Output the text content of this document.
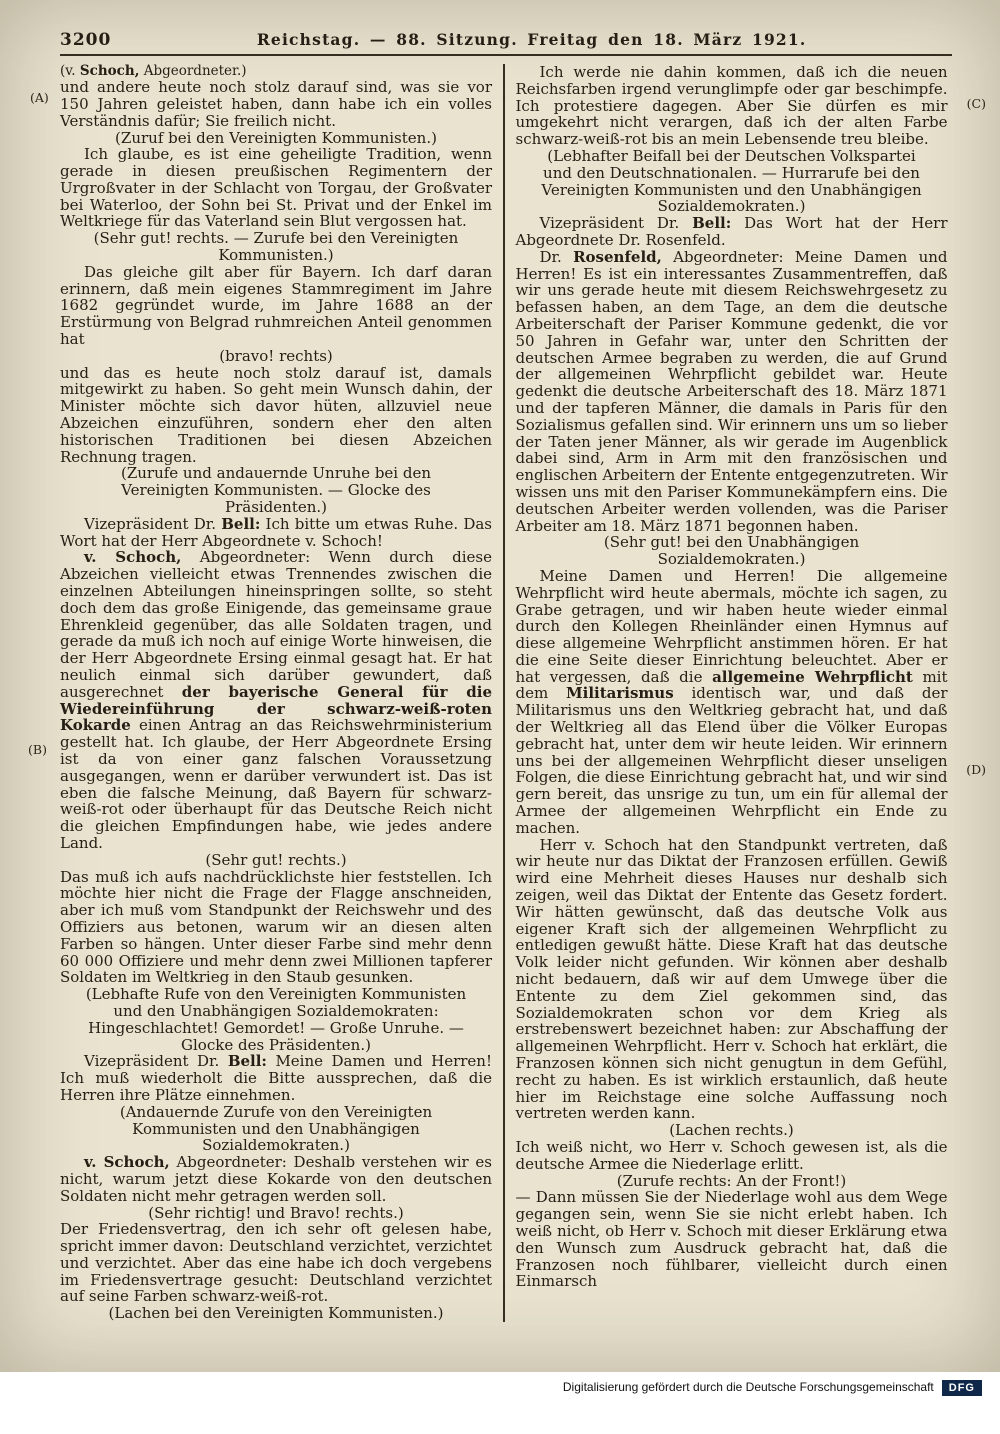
(A)
(B)
(C)
(D)
3200	Reichstag. — 88. Sitzung. Freitag den 18. März 1921.

(v. Schoch, Abgeordneter.)

und andere heute noch stolz darauf sind, was sie vor 150 Jahren geleistet haben, dann habe ich ein volles Verständnis dafür; Sie freilich nicht.

(Zuruf bei den Vereinigten Kommunisten.)

Ich glaube, es ist eine geheiligte Tradition, wenn gerade in diesen preußischen Regimentern der Urgroßvater in der Schlacht von Torgau, der Großvater bei Waterloo, der Sohn bei St. Privat und der Enkel im Weltkriege für das Vaterland sein Blut vergossen hat.

(Sehr gut! rechts. — Zurufe bei den Vereinigten Kommunisten.)

Das gleiche gilt aber für Bayern. Ich darf daran erinnern, daß mein eigenes Stammregiment im Jahre 1682 gegründet wurde, im Jahre 1688 an der Erstürmung von Belgrad ruhmreichen Anteil genommen hat

(bravo! rechts)

und das es heute noch stolz darauf ist, damals mitgewirkt zu haben. So geht mein Wunsch dahin, der Minister möchte sich davor hüten, allzuviel neue Abzeichen einzuführen, sondern eher den alten historischen Traditionen bei diesen Abzeichen Rechnung tragen.

(Zurufe und andauernde Unruhe bei den Vereinigten Kommunisten. — Glocke des Präsidenten.)

Vizepräsident Dr. Bell: Ich bitte um etwas Ruhe. Das Wort hat der Herr Abgeordnete v. Schoch!

v. Schoch, Abgeordneter: Wenn durch diese Abzeichen vielleicht etwas Trennendes zwischen die einzelnen Abteilungen hineinspringen sollte, so steht doch dem das große Einigende, das gemeinsame graue Ehrenkleid gegenüber, das alle Soldaten tragen, und gerade da muß ich noch auf einige Worte hinweisen, die der Herr Abgeordnete Ersing einmal gesagt hat. Er hat neulich einmal sich darüber gewundert, daß ausgerechnet der bayerische General für die Wiedereinführung der schwarz-weiß-roten Kokarde einen Antrag an das Reichswehrministerium gestellt hat. Ich glaube, der Herr Abgeordnete Ersing ist da von einer ganz falschen Voraussetzung ausgegangen, wenn er darüber verwundert ist. Das ist eben die falsche Meinung, daß Bayern für schwarz-weiß-rot oder überhaupt für das Deutsche Reich nicht die gleichen Empfindungen habe, wie jedes andere Land.

(Sehr gut! rechts.)

Das muß ich aufs nachdrücklichste hier feststellen. Ich möchte hier nicht die Frage der Flagge anschneiden, aber ich muß vom Standpunkt der Reichswehr und des Offiziers aus betonen, warum wir an diesen alten Farben so hängen. Unter dieser Farbe sind mehr denn 60 000 Offiziere und mehr denn zwei Millionen tapferer Soldaten im Weltkrieg in den Staub gesunken.

(Lebhafte Rufe von den Vereinigten Kommunisten und den Unabhängigen Sozialdemokraten: Hingeschlachtet! Gemordet! — Große Unruhe. — Glocke des Präsidenten.)

Vizepräsident Dr. Bell: Meine Damen und Herren! Ich muß wiederholt die Bitte aussprechen, daß die Herren ihre Plätze einnehmen.

(Andauernde Zurufe von den Vereinigten Kommunisten und den Unabhängigen Sozialdemokraten.)

v. Schoch, Abgeordneter: Deshalb verstehen wir es nicht, warum jetzt diese Kokarde von den deutschen Soldaten nicht mehr getragen werden soll.

(Sehr richtig! und Bravo! rechts.)

Der Friedensvertrag, den ich sehr oft gelesen habe, spricht immer davon: Deutschland verzichtet, verzichtet und verzichtet. Aber das eine habe ich doch vergebens im Friedensvertrage gesucht: Deutschland verzichtet auf seine Farben schwarz-weiß-rot.

(Lachen bei den Vereinigten Kommunisten.)

Ich werde nie dahin kommen, daß ich die neuen Reichsfarben irgend verunglimpfe oder gar beschimpfe. Ich protestiere dagegen. Aber Sie dürfen es mir umgekehrt nicht verargen, daß ich der alten Farbe schwarz-weiß-rot bis an mein Lebensende treu bleibe.

(Lebhafter Beifall bei der Deutschen Volkspartei und den Deutschnationalen. — Hurrarufe bei den Vereinigten Kommunisten und den Unabhängigen Sozialdemokraten.)

Vizepräsident Dr. Bell: Das Wort hat der Herr Abgeordnete Dr. Rosenfeld.

Dr. Rosenfeld, Abgeordneter: Meine Damen und Herren! Es ist ein interessantes Zusammentreffen, daß wir uns gerade heute mit diesem Reichswehrgesetz zu befassen haben, an dem Tage, an dem die deutsche Arbeiterschaft der Pariser Kommune gedenkt, die vor 50 Jahren in Gefahr war, unter den Schritten der deutschen Armee begraben zu werden, die auf Grund der allgemeinen Wehrpflicht gebildet war. Heute gedenkt die deutsche Arbeiterschaft des 18. März 1871 und der tapferen Männer, die damals in Paris für den Sozialismus gefallen sind. Wir erinnern uns um so lieber der Taten jener Männer, als wir gerade im Augenblick dabei sind, Arm in Arm mit den französischen und englischen Arbeitern der Entente entgegenzutreten. Wir wissen uns mit den Pariser Kommunekämpfern eins. Die deutschen Arbeiter werden vollenden, was die Pariser Arbeiter am 18. März 1871 begonnen haben.

(Sehr gut! bei den Unabhängigen Sozialdemokraten.)

Meine Damen und Herren! Die allgemeine Wehrpflicht wird heute abermals, möchte ich sagen, zu Grabe getragen, und wir haben heute wieder einmal durch den Kollegen Rheinländer einen Hymnus auf diese allgemeine Wehrpflicht anstimmen hören. Er hat die eine Seite dieser Einrichtung beleuchtet. Aber er hat vergessen, daß die allgemeine Wehrpflicht mit dem Militarismus identisch war, und daß der Militarismus uns den Weltkrieg gebracht hat, und daß der Weltkrieg all das Elend über die Völker Europas gebracht hat, unter dem wir heute leiden. Wir erinnern uns bei der allgemeinen Wehrpflicht dieser unseligen Folgen, die diese Einrichtung gebracht hat, und wir sind gern bereit, das unsrige zu tun, um ein für allemal der Armee der allgemeinen Wehrpflicht ein Ende zu machen.

Herr v. Schoch hat den Standpunkt vertreten, daß wir heute nur das Diktat der Franzosen erfüllen. Gewiß wird eine Mehrheit dieses Hauses nur deshalb sich zeigen, weil das Diktat der Entente das Gesetz fordert. Wir hätten gewünscht, daß das deutsche Volk aus eigener Kraft sich der allgemeinen Wehrpflicht zu entledigen gewußt hätte. Diese Kraft hat das deutsche Volk leider nicht gefunden. Wir können aber deshalb nicht bedauern, daß wir auf dem Umwege über die Entente zu dem Ziel gekommen sind, das Sozialdemokraten schon vor dem Krieg als erstrebenswert bezeichnet haben: zur Abschaffung der allgemeinen Wehrpflicht. Herr v. Schoch hat erklärt, die Franzosen können sich nicht genugtun in dem Gefühl, recht zu haben. Es ist wirklich erstaunlich, daß heute hier im Reichstage eine solche Auffassung noch vertreten werden kann.

(Lachen rechts.)

Ich weiß nicht, wo Herr v. Schoch gewesen ist, als die deutsche Armee die Niederlage erlitt.

(Zurufe rechts: An der Front!)

— Dann müssen Sie der Niederlage wohl aus dem Wege gegangen sein, wenn Sie sie nicht erlebt haben. Ich weiß nicht, ob Herr v. Schoch mit dieser Erklärung etwa den Wunsch zum Ausdruck gebracht hat, daß die Franzosen noch fühlbarer, vielleicht durch einen Einmarsch

Digitalisierung gefördert durch die Deutsche Forschungsgemeinschaft	DFG
